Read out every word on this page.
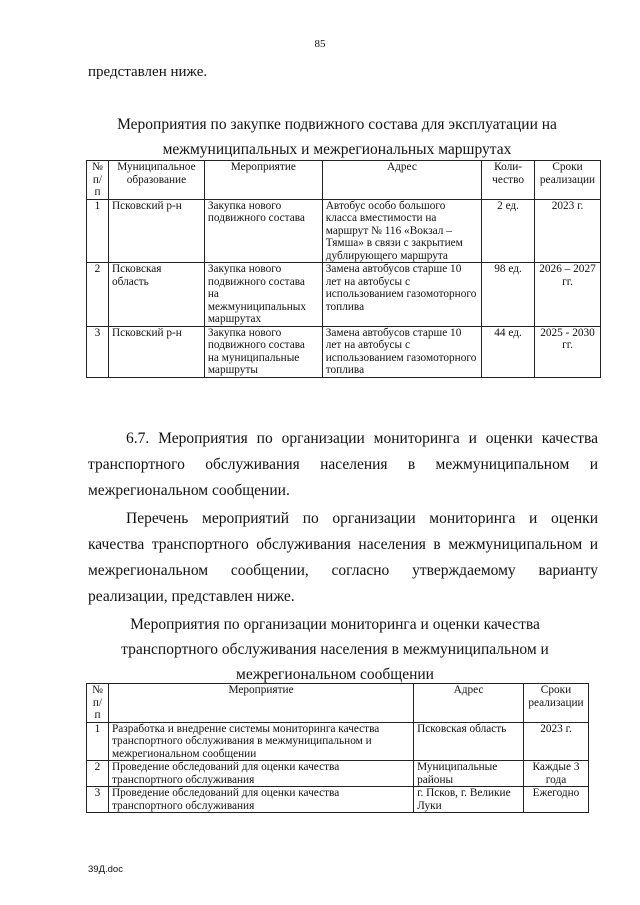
85
представлен ниже.
Мероприятия по закупке подвижного состава для эксплуатации на
межмуниципальных и межрегиональных маршрутах
№ п/п	Муниципальное образование	Мероприятие	Адрес	Коли-чество	Сроки реализации
1	Псковский р-н	Закупка нового подвижного состава	Автобус особо большого класса вместимости на маршрут № 116 «Вокзал – Тямша» в связи с закрытием дублирующего маршрута	2 ед.	2023 г.
2	Псковская область	Закупка нового подвижного состава на межмуниципальных маршрутах	Замена автобусов старше 10 лет на автобусы с использованием газомоторного топлива	98 ед.	2026 – 2027 гг.
3	Псковский р-н	Закупка нового подвижного состава на муниципальные маршруты	Замена автобусов старше 10 лет на автобусы с использованием газомоторного топлива	44 ед.	2025 - 2030 гг.
6.7. Мероприятия по организации мониторинга и оценки качества транспортного обслуживания населения в межмуниципальном и межрегиональном сообщении.
Перечень мероприятий по организации мониторинга и оценки качества транспортного обслуживания населения в межмуниципальном и межрегиональном сообщении, согласно утверждаемому варианту реализации, представлен ниже.
Мероприятия по организации мониторинга и оценки качества
транспортного обслуживания населения в межмуниципальном и
межрегиональном сообщении
№ п/п	Мероприятие	Адрес	Сроки реализации
1	Разработка и внедрение системы мониторинга качества транспортного обслуживания в межмуниципальном и межрегиональном сообщении	Псковская область	2023 г.
2	Проведение обследований для оценки качества транспортного обслуживания	Муниципальные районы	Каждые 3 года
3	Проведение обследований для оценки качества транспортного обслуживания	г. Псков, г. Великие Луки	Ежегодно
39Д.doc
